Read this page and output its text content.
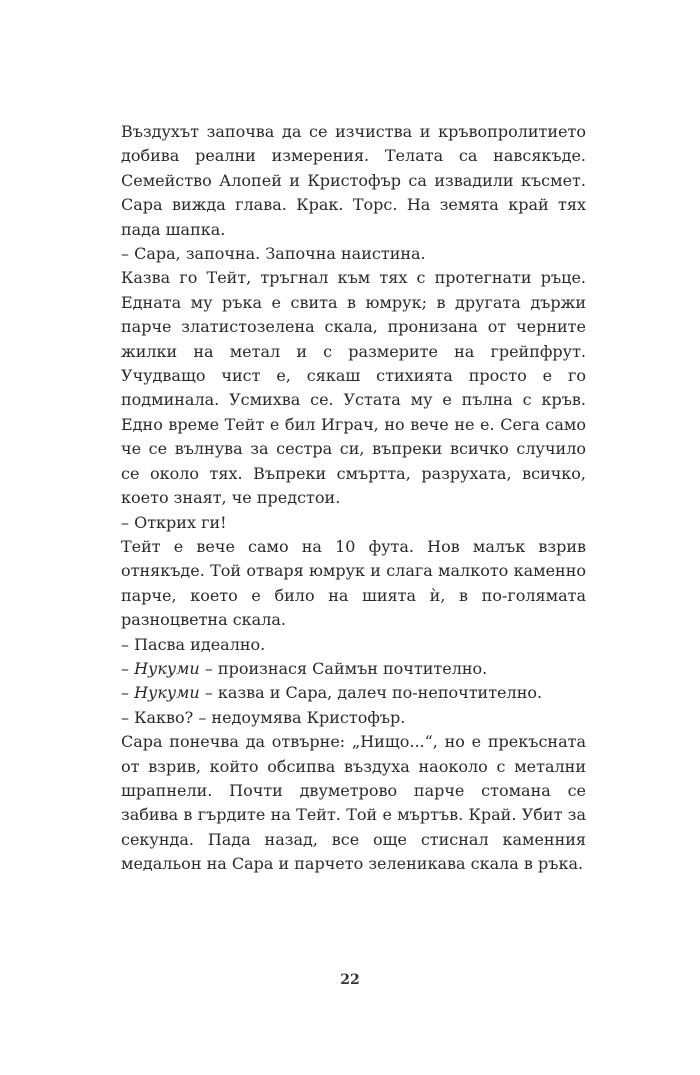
Въздухът започва да се изчиства и кръвопролитието добива реални измерения. Телата са навсякъде. Семейство Алопей и Кристофър са извадили късмет. Сара вижда глава. Крак. Торс. На земята край тях пада шапка.

– Сара, започна. Започна наистина.

Казва го Тейт, тръгнал към тях с протегнати ръце. Едната му ръка е свита в юмрук; в другата държи парче златистозелена скала, пронизана от черните жилки на метал и с размерите на грейпфрут. Учудващо чист е, сякаш стихията просто е го подминала. Усмихва се. Устата му е пълна с кръв. Едно време Тейт е бил Играч, но вече не е. Сега само че се вълнува за сестра си, въпреки всичко случило се около тях. Въпреки смъртта, разрухата, всичко, което знаят, че предстои.

– Открих ги!

Тейт е вече само на 10 фута. Нов малък взрив отнякъде. Той отваря юмрук и слага малкото каменно парче, което е било на шията ѝ, в по-голямата разноцветна скала.

– Пасва идеално.

– Нукуми – произнася Саймън почтително.

– Нукуми – казва и Сара, далеч по-непочтително.

– Какво? – недоумява Кристофър.

Сара понечва да отвърне: „Нищо...“, но е прекъсната от взрив, който обсипва въздуха наоколо с метални шрапнели. Почти двуметрово парче стомана се забива в гърдите на Тейт. Той е мъртъв. Край. Убит за секунда. Пада назад, все още стиснал каменния медальон на Сара и парчето зеленикава скала в ръка.

22
